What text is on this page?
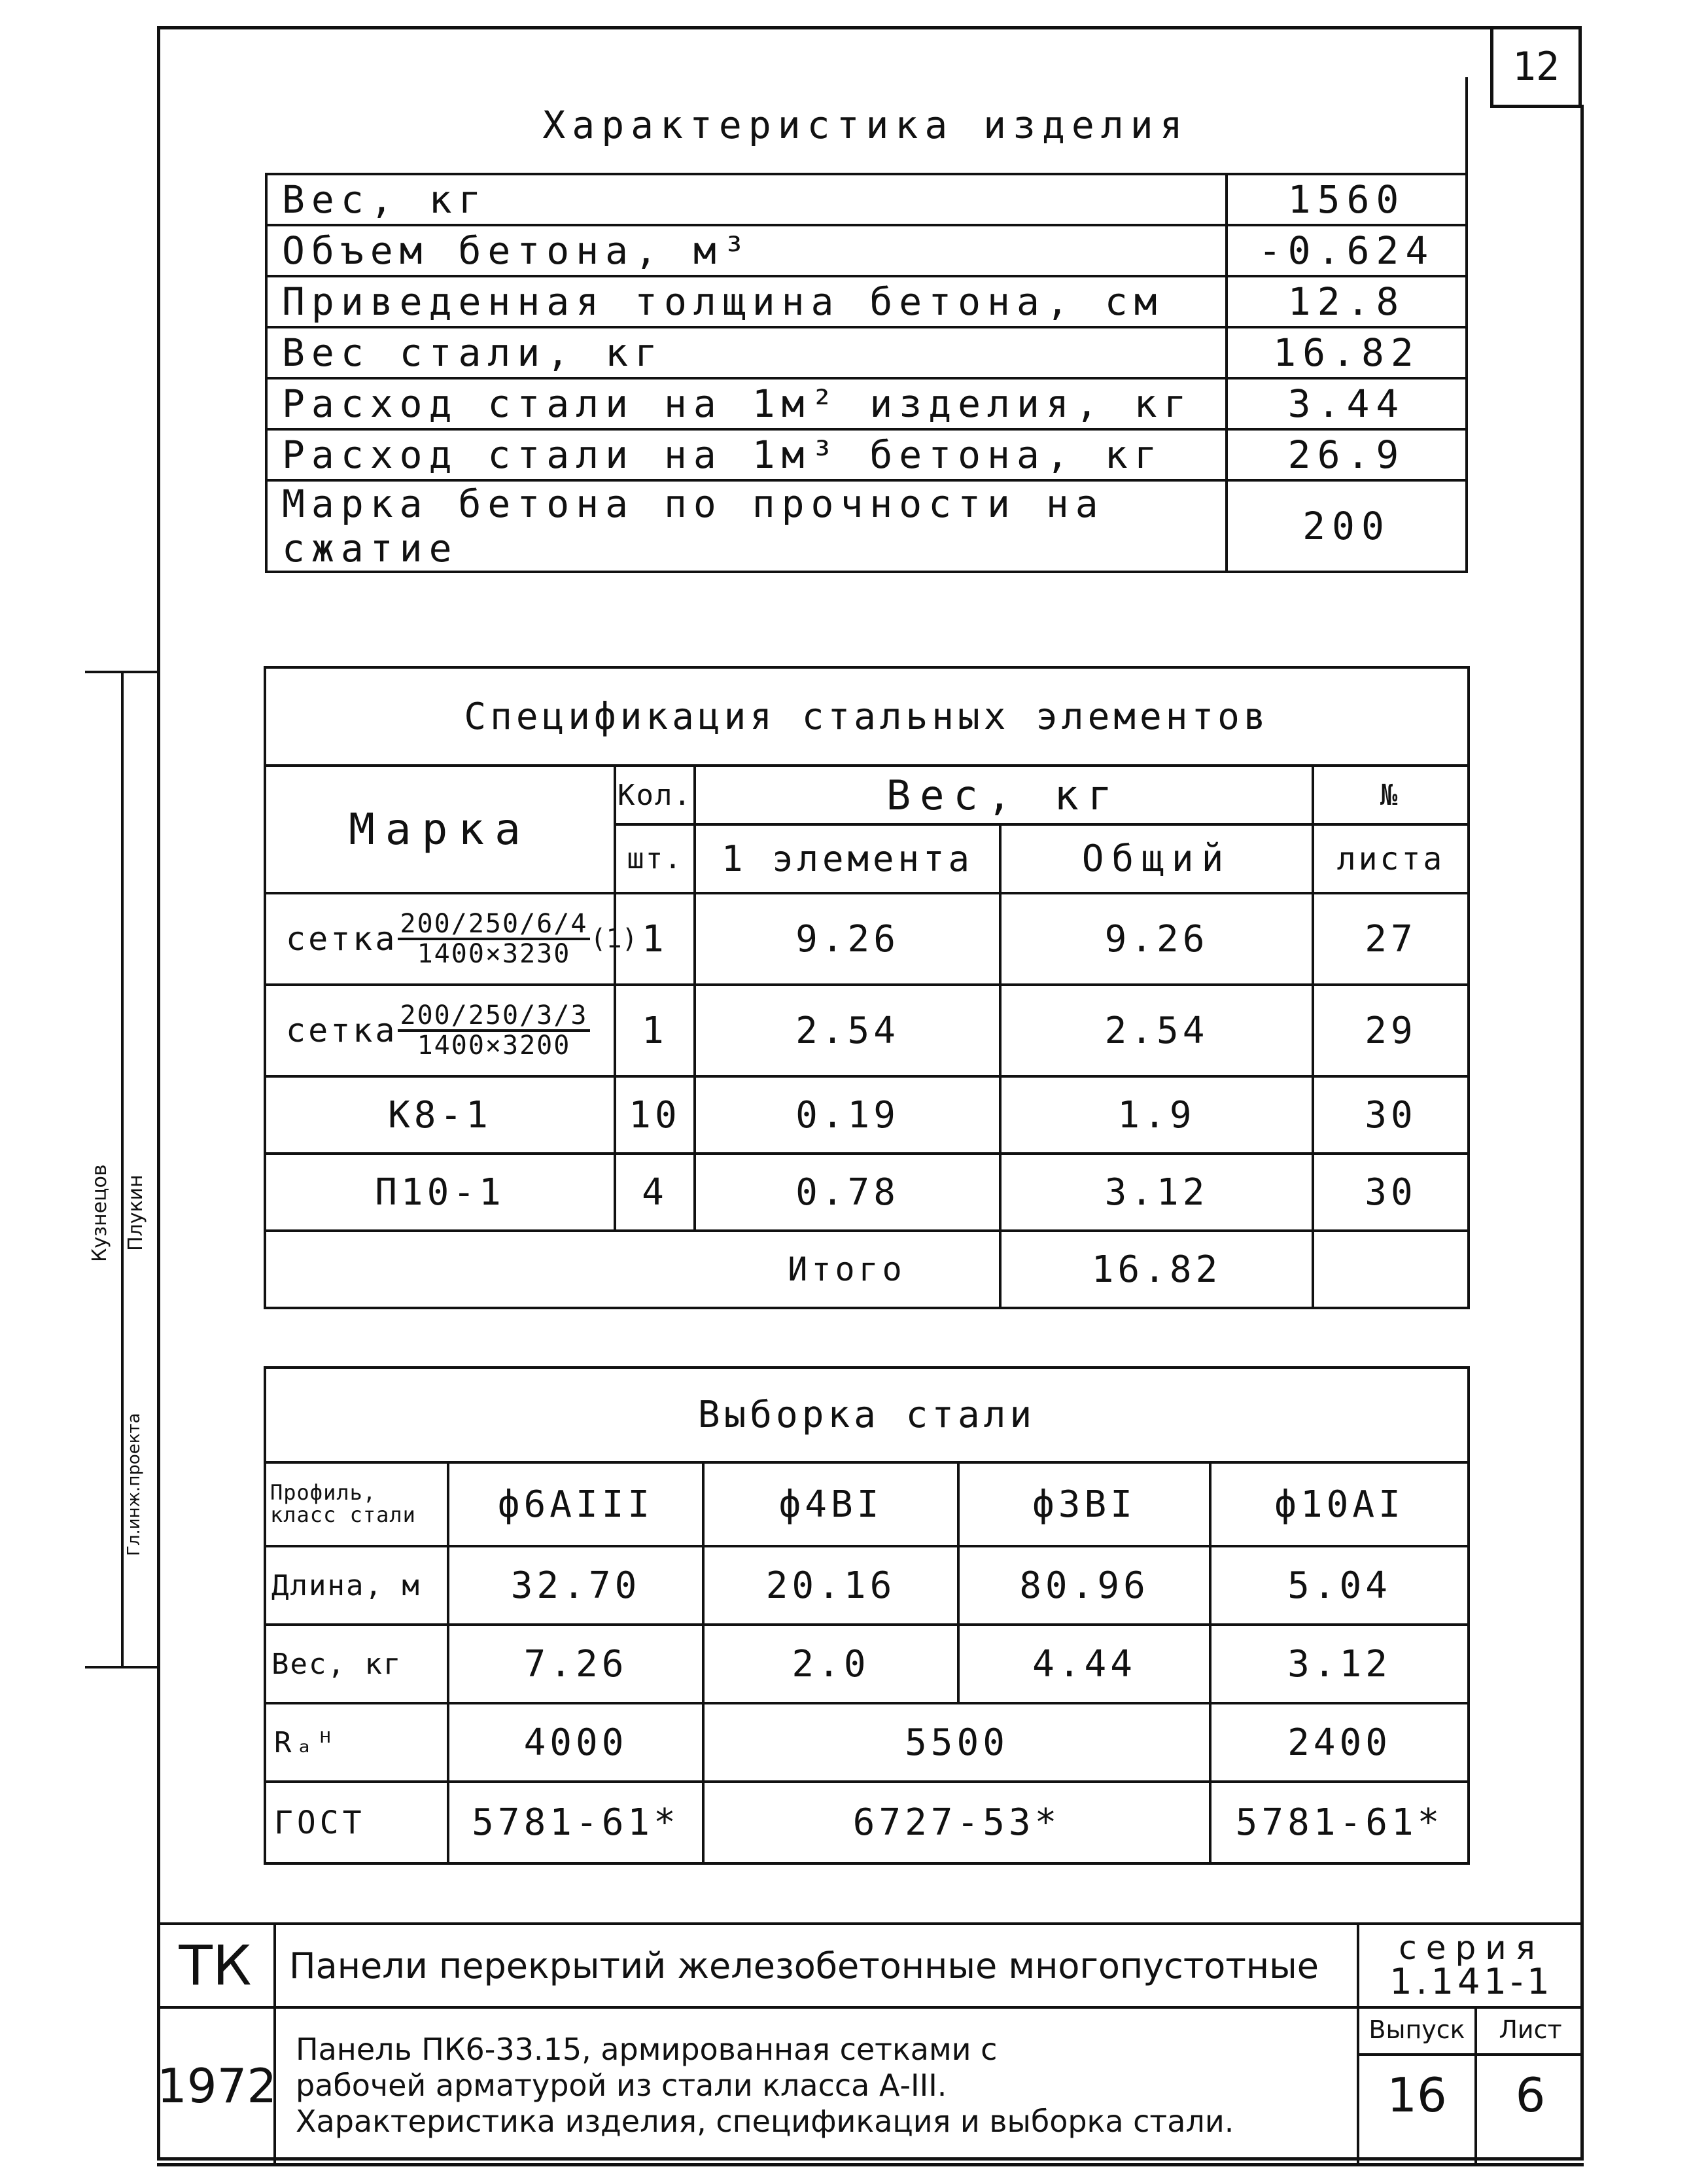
12
Гл.инж.проекта
Плукин
Кузнецов
Характеристика изделия	
Вес, кг	1560
Объем бетона, м³	-0.624
Приведенная толщина бетона, см	12.8
Вес стали, кг	16.82
Расход стали на 1м² изделия, кг	3.44
Расход стали на 1м³ бетона, кг	26.9
Марка бетона по прочности на сжатие	200
Спецификация стальных элементов				
Марка	Кол.	Вес, кг		№
	шт.	1 элемента	Общий	листа
сетка $\frac{200/250/6/4}{1400\times 3230} (1)$	1	9.26	9.26	27
сетка $\frac{200/250/3/3}{1400\times 3200}$	1	2.54	2.54	29
К8-1	10	0.19	1.9	30
П10-1	4	0.78	3.12	30
		Итого	16.82	
Выборка стали				

Профиль,
класс стали	ф6АIII	ф4ВI	ф3ВI	ф10АI
Длина, м	32.70	20.16	80.96	5.04
Вес, кг	7.26	2.0	4.44	3.12
Rₐᴴ	4000	5500		2400
ГОСТ	5781-61*	6727-53*		5781-61*
ТК	Панели перекрытий железобетонные многопустотные	серия
1.141-1	

1972	Панель ПК6-33.15, армированная сетками с
рабочей арматурой из стали класса А-III.
Характеристика изделия, спецификация и выборка стали.	Выпуск
16	Лист
6
